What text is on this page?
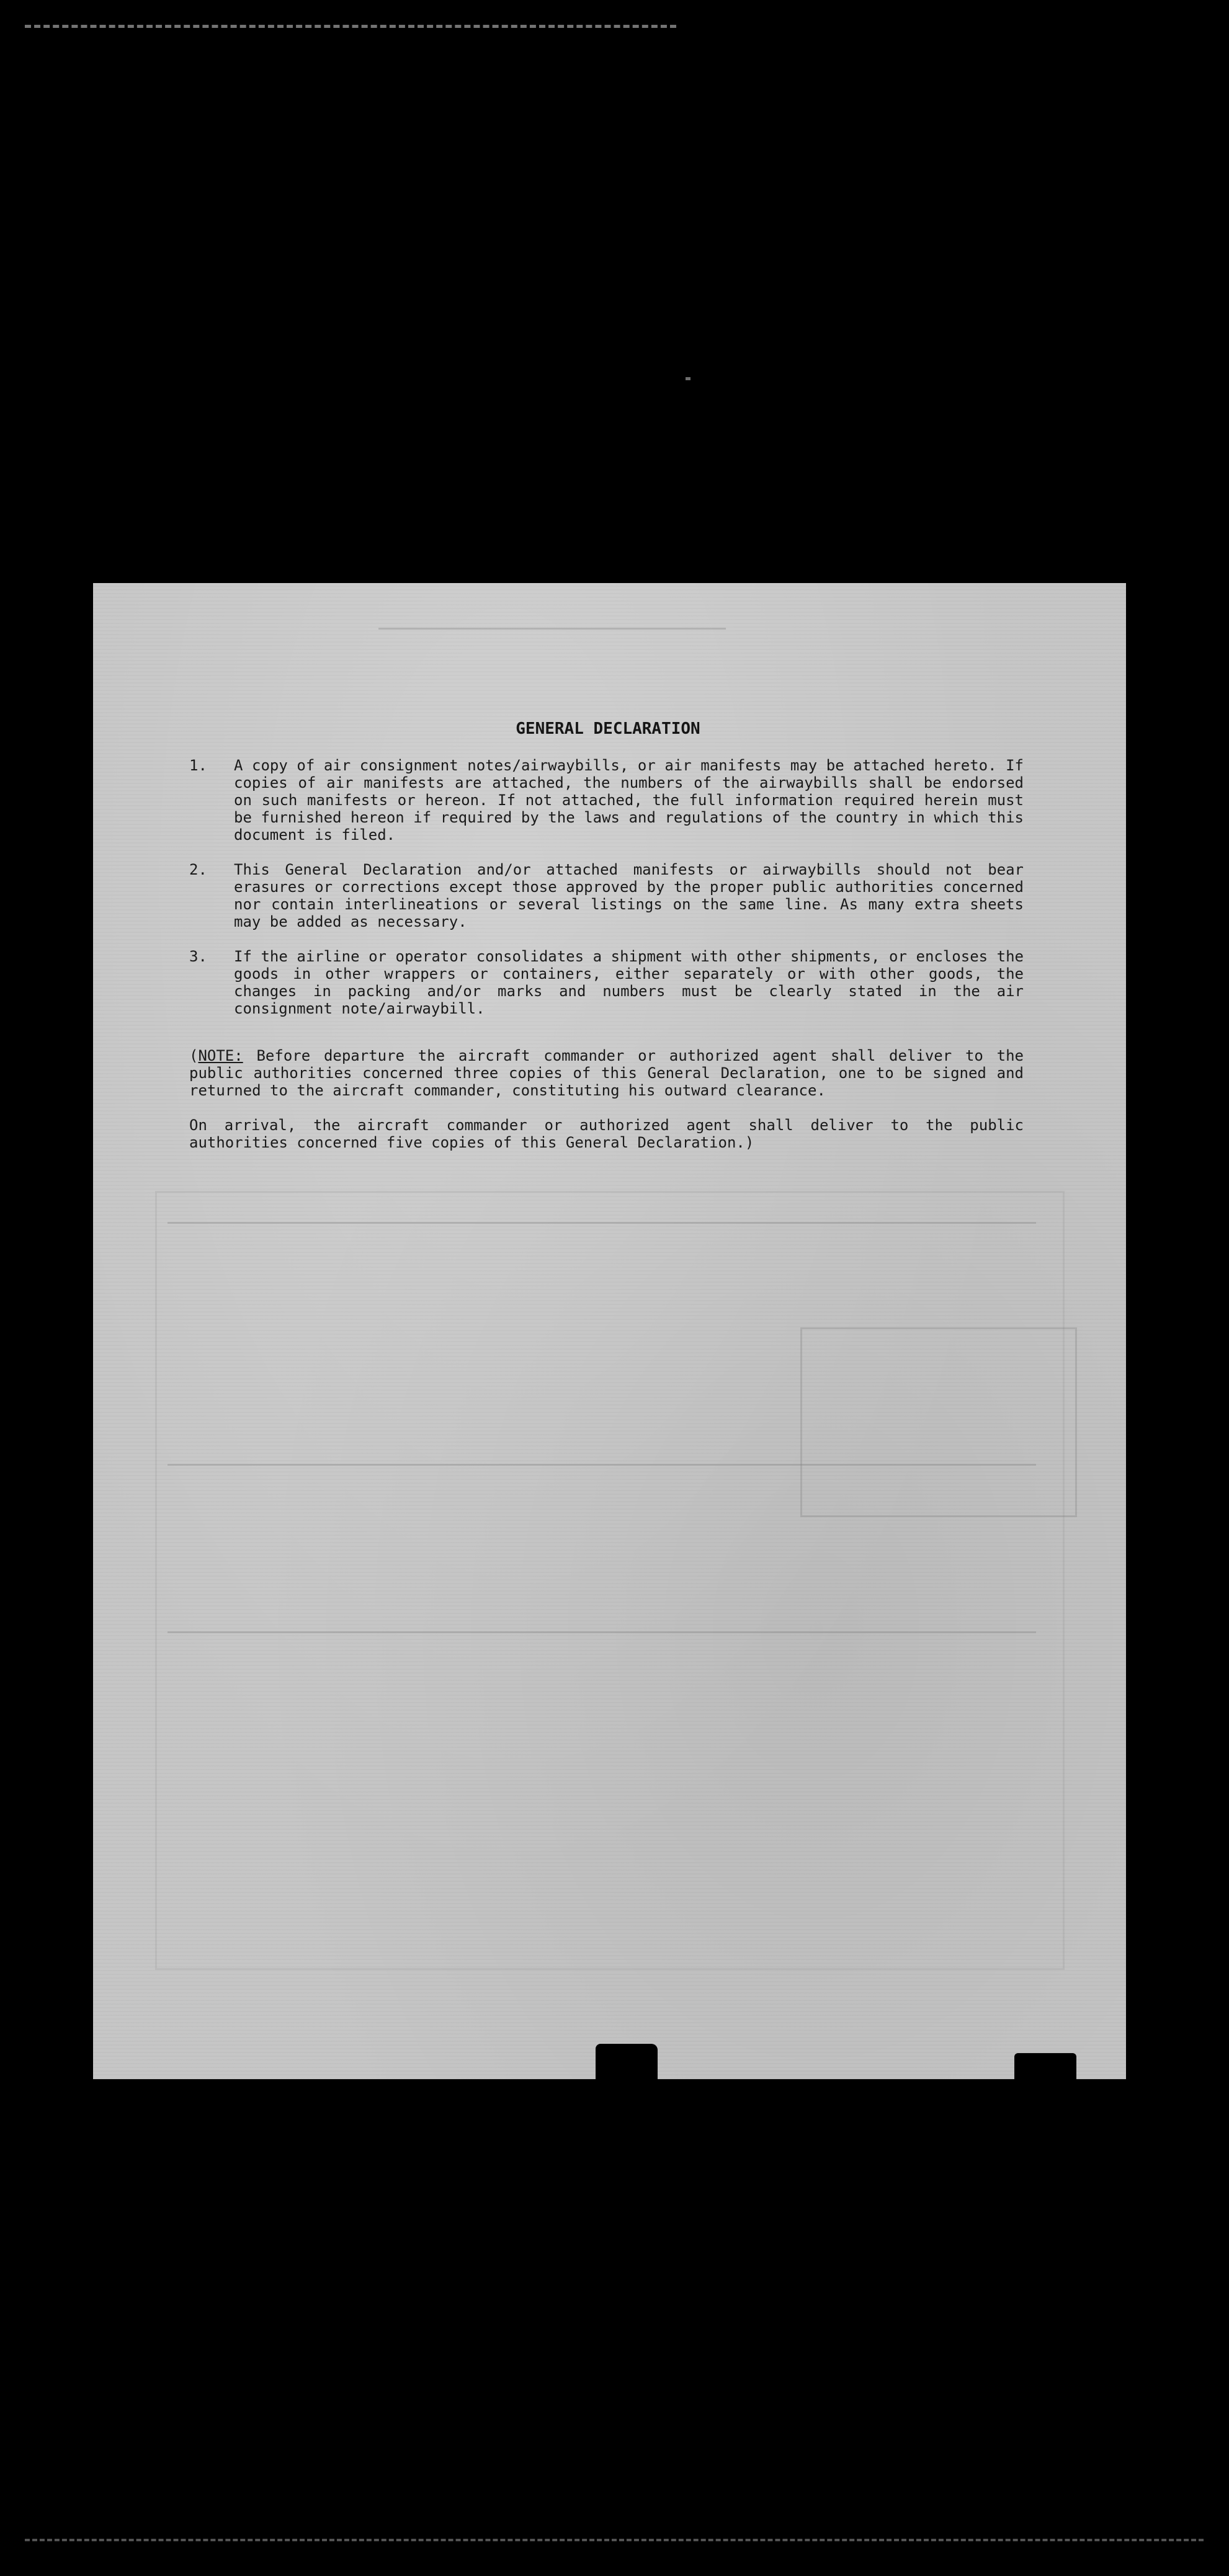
GENERAL DECLARATION
1.	A copy of air consignment notes/airwaybills, or air manifests may be attached hereto. If copies of air manifests are attached, the numbers of the airwaybills shall be endorsed on such manifests or hereon. If not attached, the full information required herein must be furnished hereon if required by the laws and regulations of the country in which this document is filed.
2.	This General Declaration and/or attached manifests or airwaybills should not bear erasures or corrections except those approved by the proper public authorities concerned nor contain interlineations or several listings on the same line. As many extra sheets may be added as necessary.
3.	If the airline or operator consolidates a shipment with other shipments, or encloses the goods in other wrappers or containers, either separately or with other goods, the changes in packing and/or marks and numbers must be clearly stated in the air consignment note/airwaybill.
(NOTE: Before departure the aircraft commander or authorized agent shall deliver to the public authorities concerned three copies of this General Declaration, one to be signed and returned to the aircraft commander, constituting his outward clearance.
On arrival, the aircraft commander or authorized agent shall deliver to the public authorities concerned five copies of this General Declaration.)
